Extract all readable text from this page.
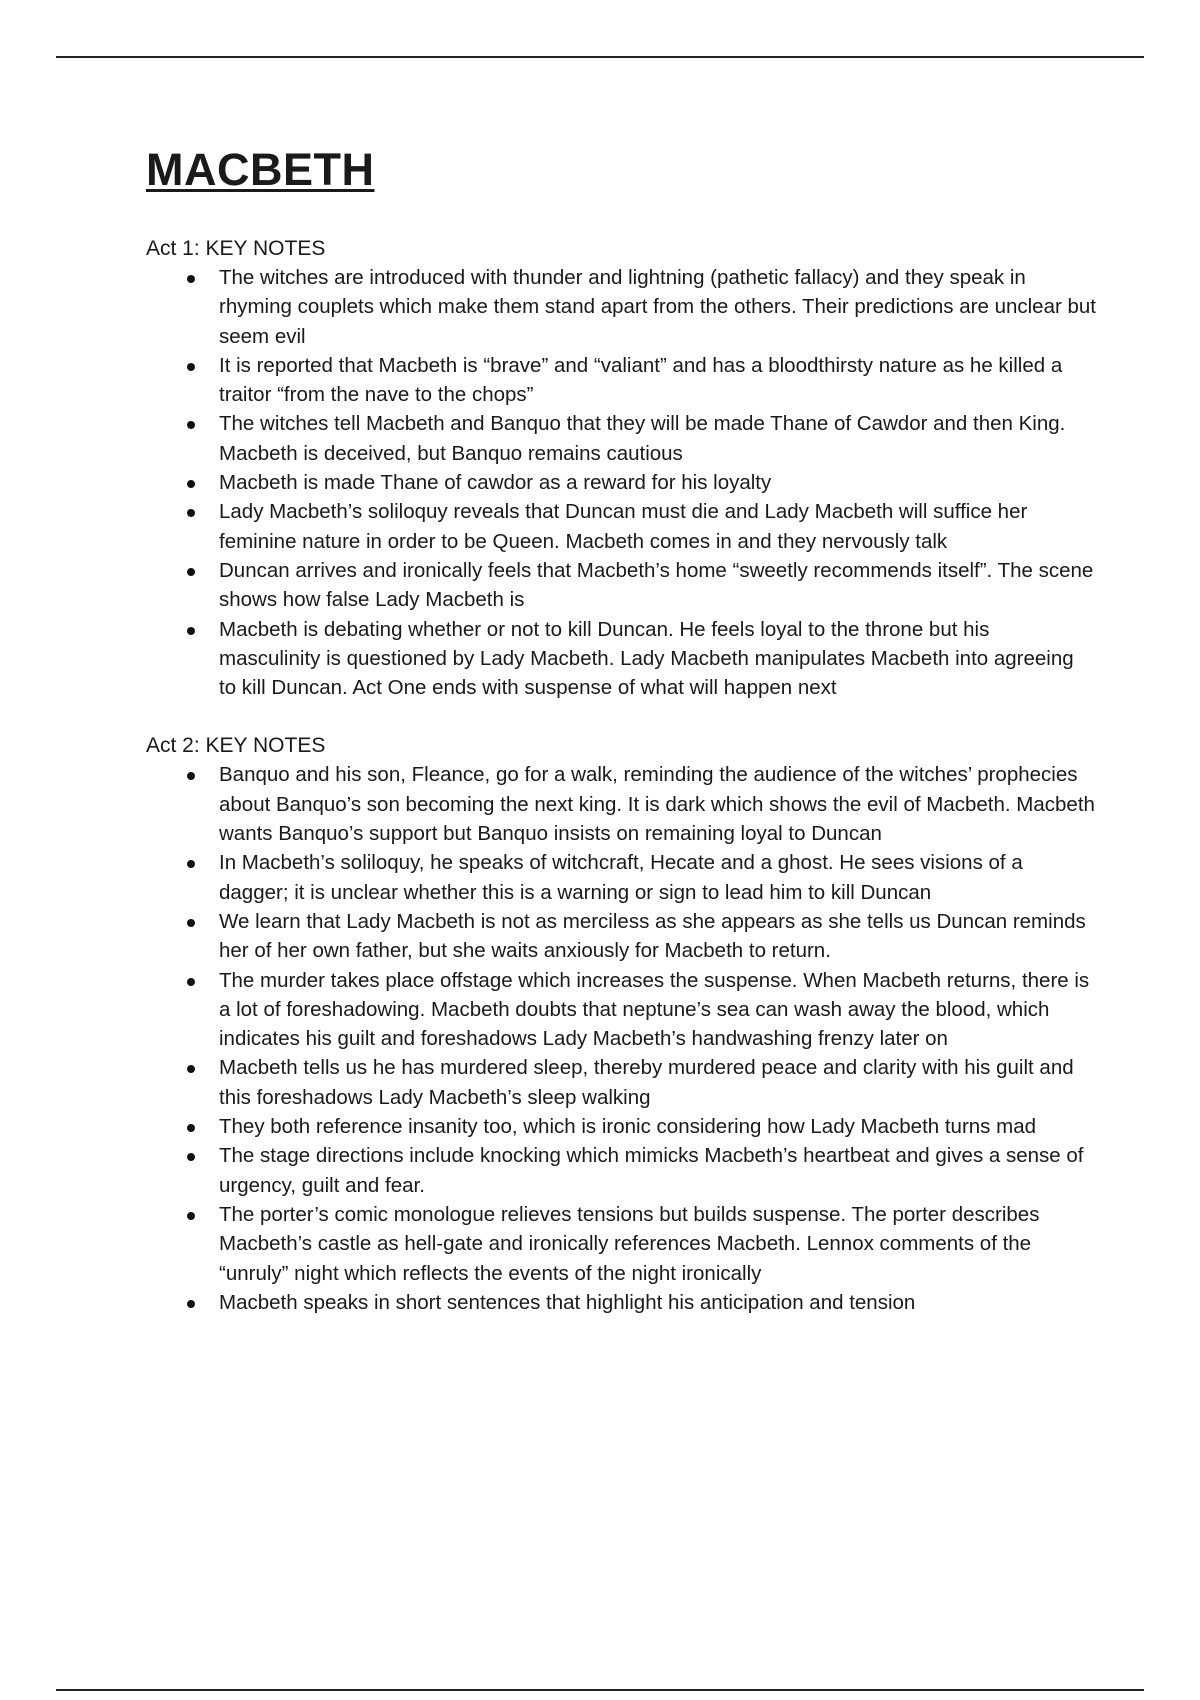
MACBETH

Act 1: KEY NOTES

The witches are introduced with thunder and lightning (pathetic fallacy) and they speak in rhyming couplets which make them stand apart from the others. Their predictions are unclear but seem evil
It is reported that Macbeth is “brave” and “valiant” and has a bloodthirsty nature as he killed a traitor “from the nave to the chops”
The witches tell Macbeth and Banquo that they will be made Thane of Cawdor and then King. Macbeth is deceived, but Banquo remains cautious
Macbeth is made Thane of cawdor as a reward for his loyalty
Lady Macbeth’s soliloquy reveals that Duncan must die and Lady Macbeth will suffice her feminine nature in order to be Queen. Macbeth comes in and they nervously talk
Duncan arrives and ironically feels that Macbeth’s home “sweetly recommends itself”. The scene shows how false Lady Macbeth is
Macbeth is debating whether or not to kill Duncan. He feels loyal to the throne but his masculinity is questioned by Lady Macbeth. Lady Macbeth manipulates Macbeth into agreeing to kill Duncan. Act One ends with suspense of what will happen next

Act 2: KEY NOTES

Banquo and his son, Fleance, go for a walk, reminding the audience of the witches’ prophecies about Banquo’s son becoming the next king. It is dark which shows the evil of Macbeth. Macbeth wants Banquo’s support but Banquo insists on remaining loyal to Duncan
In Macbeth’s soliloquy, he speaks of witchcraft, Hecate and a ghost. He sees visions of a dagger; it is unclear whether this is a warning or sign to lead him to kill Duncan
We learn that Lady Macbeth is not as merciless as she appears as she tells us Duncan reminds her of her own father, but she waits anxiously for Macbeth to return.
The murder takes place offstage which increases the suspense. When Macbeth returns, there is a lot of foreshadowing. Macbeth doubts that neptune’s sea can wash away the blood, which indicates his guilt and foreshadows Lady Macbeth’s handwashing frenzy later on
Macbeth tells us he has murdered sleep, thereby murdered peace and clarity with his guilt and this foreshadows Lady Macbeth’s sleep walking
They both reference insanity too, which is ironic considering how Lady Macbeth turns mad
The stage directions include knocking which mimicks Macbeth’s heartbeat and gives a sense of urgency, guilt and fear.
The porter’s comic monologue relieves tensions but builds suspense. The porter describes Macbeth’s castle as hell-gate and ironically references Macbeth. Lennox comments of the “unruly” night which reflects the events of the night ironically
Macbeth speaks in short sentences that highlight his anticipation and tension
